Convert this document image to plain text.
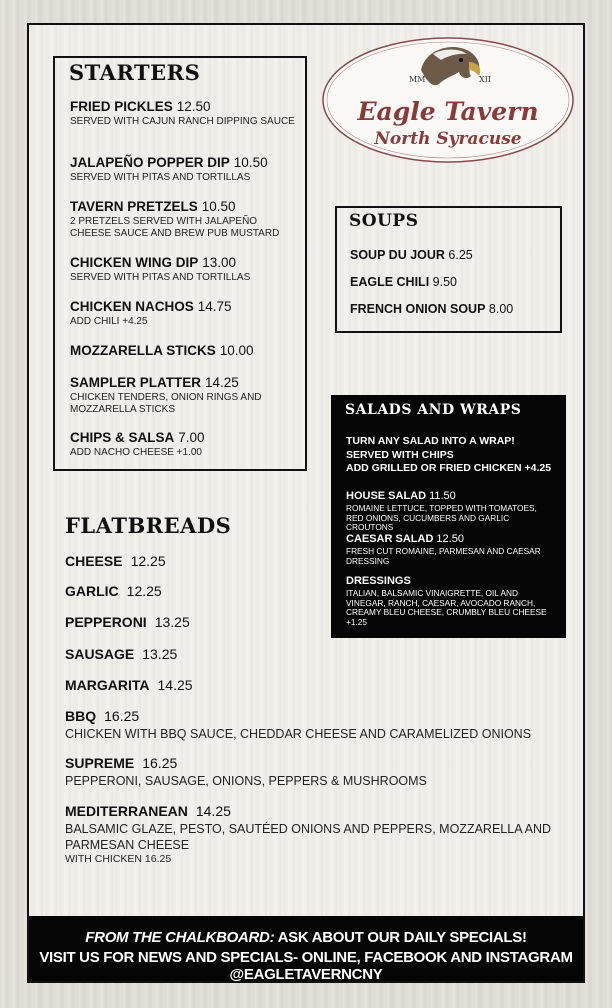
STARTERS
FRIED PICKLES 12.50
SERVED WITH CAJUN RANCH DIPPING SAUCE
JALAPEÑO POPPER DIP 10.50
SERVED WITH PITAS AND TORTILLAS
TAVERN PRETZELS 10.50
2 PRETZELS SERVED WITH JALAPEÑO CHEESE SAUCE AND BREW PUB MUSTARD
CHICKEN WING DIP 13.00
SERVED WITH PITAS AND TORTILLAS
CHICKEN NACHOS 14.75
ADD CHILI +4.25
MOZZARELLA STICKS 10.00
SAMPLER PLATTER 14.25
CHICKEN TENDERS, ONION RINGS AND MOZZARELLA STICKS
CHIPS & SALSA 7.00
ADD NACHO CHEESE +1.00
MM	XII
Eagle Tavern
North Syracuse
SOUPS
SOUP DU JOUR 6.25
EAGLE CHILI 9.50
FRENCH ONION SOUP 8.00
SALADS AND WRAPS
TURN ANY SALAD INTO A WRAP!
SERVED WITH CHIPS
ADD GRILLED OR FRIED CHICKEN +4.25
HOUSE SALAD 11.50
ROMAINE LETTUCE, TOPPED WITH TOMATOES, RED ONIONS, CUCUMBERS AND GARLIC CROUTONS
CAESAR SALAD 12.50
FRESH CUT ROMAINE, PARMESAN AND CAESAR DRESSING
DRESSINGS
ITALIAN, BALSAMIC VINAIGRETTE, OIL AND VINEGAR, RANCH, CAESAR, AVOCADO RANCH, CREAMY BLEU CHEESE, CRUMBLY BLEU CHEESE +1.25
FLATBREADS
CHEESE 12.25
GARLIC 12.25
PEPPERONI 13.25
SAUSAGE 13.25
MARGARITA 14.25
BBQ 16.25
CHICKEN WITH BBQ SAUCE, CHEDDAR CHEESE AND CARAMELIZED ONIONS
SUPREME 16.25
PEPPERONI, SAUSAGE, ONIONS, PEPPERS & MUSHROOMS
MEDITERRANEAN 14.25
BALSAMIC GLAZE, PESTO, SAUTÉED ONIONS AND PEPPERS, MOZZARELLA AND PARMESAN CHEESE
WITH CHICKEN 16.25
FROM THE CHALKBOARD: ASK ABOUT OUR DAILY SPECIALS!
VISIT US FOR NEWS AND SPECIALS- ONLINE, FACEBOOK AND INSTAGRAM @EAGLETAVERNCNY
